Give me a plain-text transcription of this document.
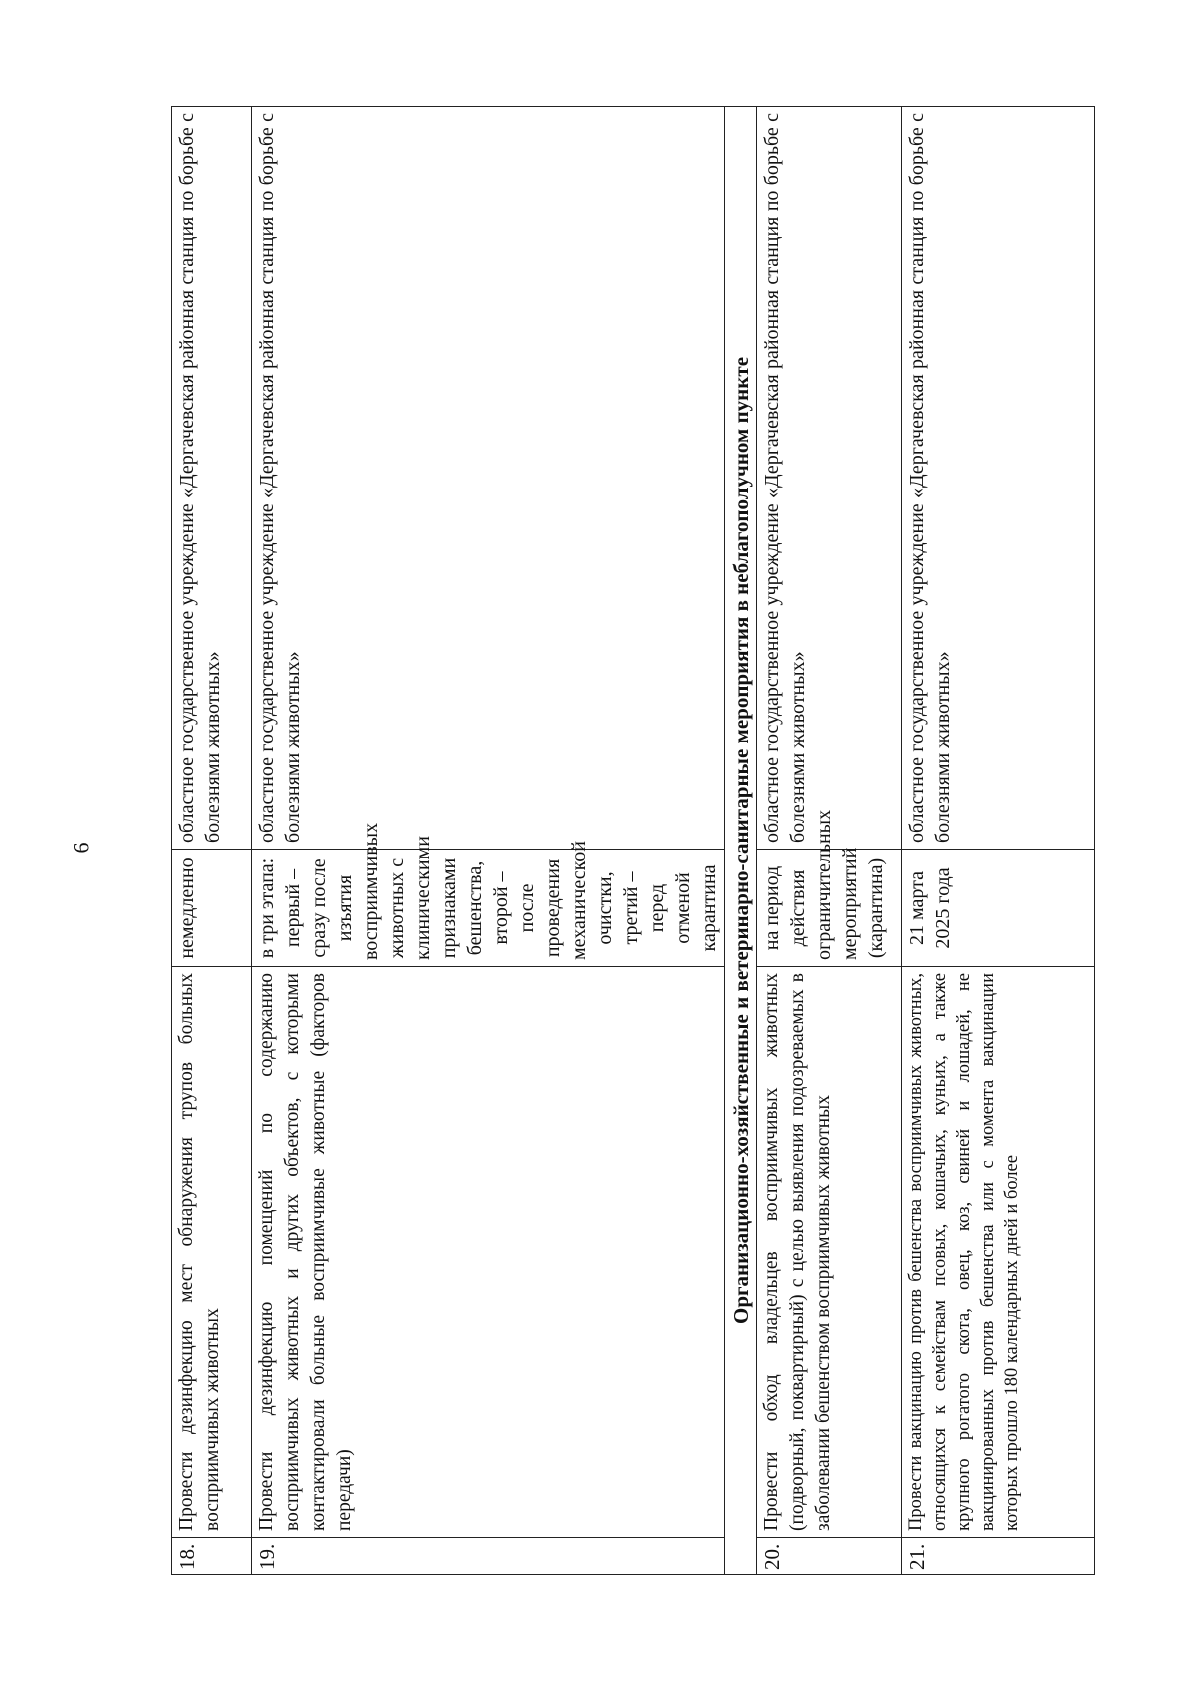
6
18.	Провести дезинфекцию мест обнаружения трупов больных восприимчивых животных	немедленно	областное государственное учреждение «Дергачевская районная станция по борьбе с болезнями животных»
19.	Провести дезинфекцию помещений по содержанию восприимчивых животных и других объектов, с которыми контактировали больные восприимчивые животные (факторов передачи)	в три этапа: первый – сразу после изъятия восприимчивых животных с клиническими признаками бешенства, второй – после проведения механической очистки, третий – перед отменой карантина	областное государственное учреждение «Дергачевская районная станция по борьбе с болезнями животных»
Организационно-хозяйственные и ветеринарно-санитарные мероприятия в неблагополучном пункте			
20.	Провести обход владельцев восприимчивых животных (подворный, поквартирный) с целью выявления подозреваемых в заболевании бешенством восприимчивых животных	на период действия ограничительных мероприятий (карантина)	областное государственное учреждение «Дергачевская районная станция по борьбе с болезнями животных»
21.	Провести вакцинацию против бешенства восприимчивых животных, относящихся к семействам псовых, кошачьих, куньих, а также крупного рогатого скота, овец, коз, свиней и лошадей, не вакцинированных против бешенства или с момента вакцинации которых прошло 180 календарных дней и более	21 марта 2025 года	областное государственное учреждение «Дергачевская районная станция по борьбе с болезнями животных»
